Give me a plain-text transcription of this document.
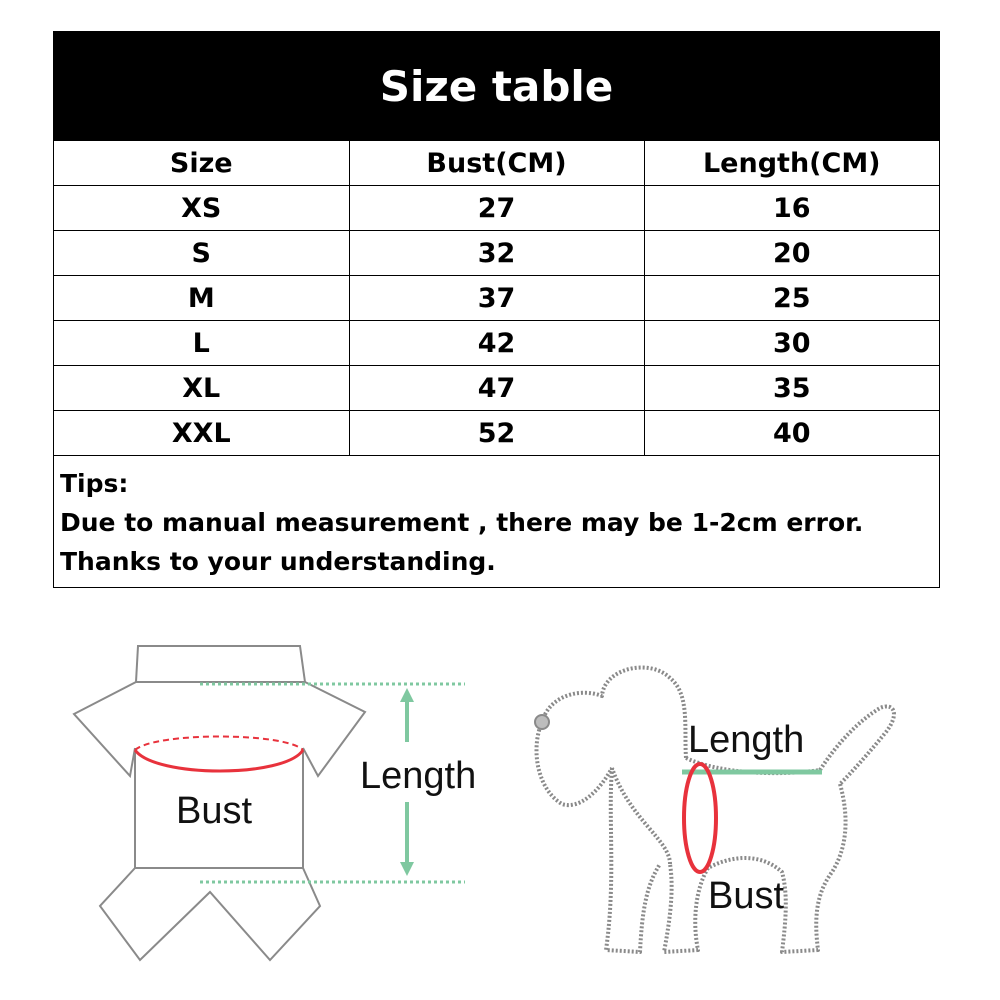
Size table
Size	Bust(CM)	Length(CM)
XS	27	16
S	32	20
M	37	25
L	42	30
XL	47	35
XXL	52	40
Tips:
Due to manual measurement , there may be 1-2cm error.
Thanks to your understanding.
Bust
Length
Length
Bust
